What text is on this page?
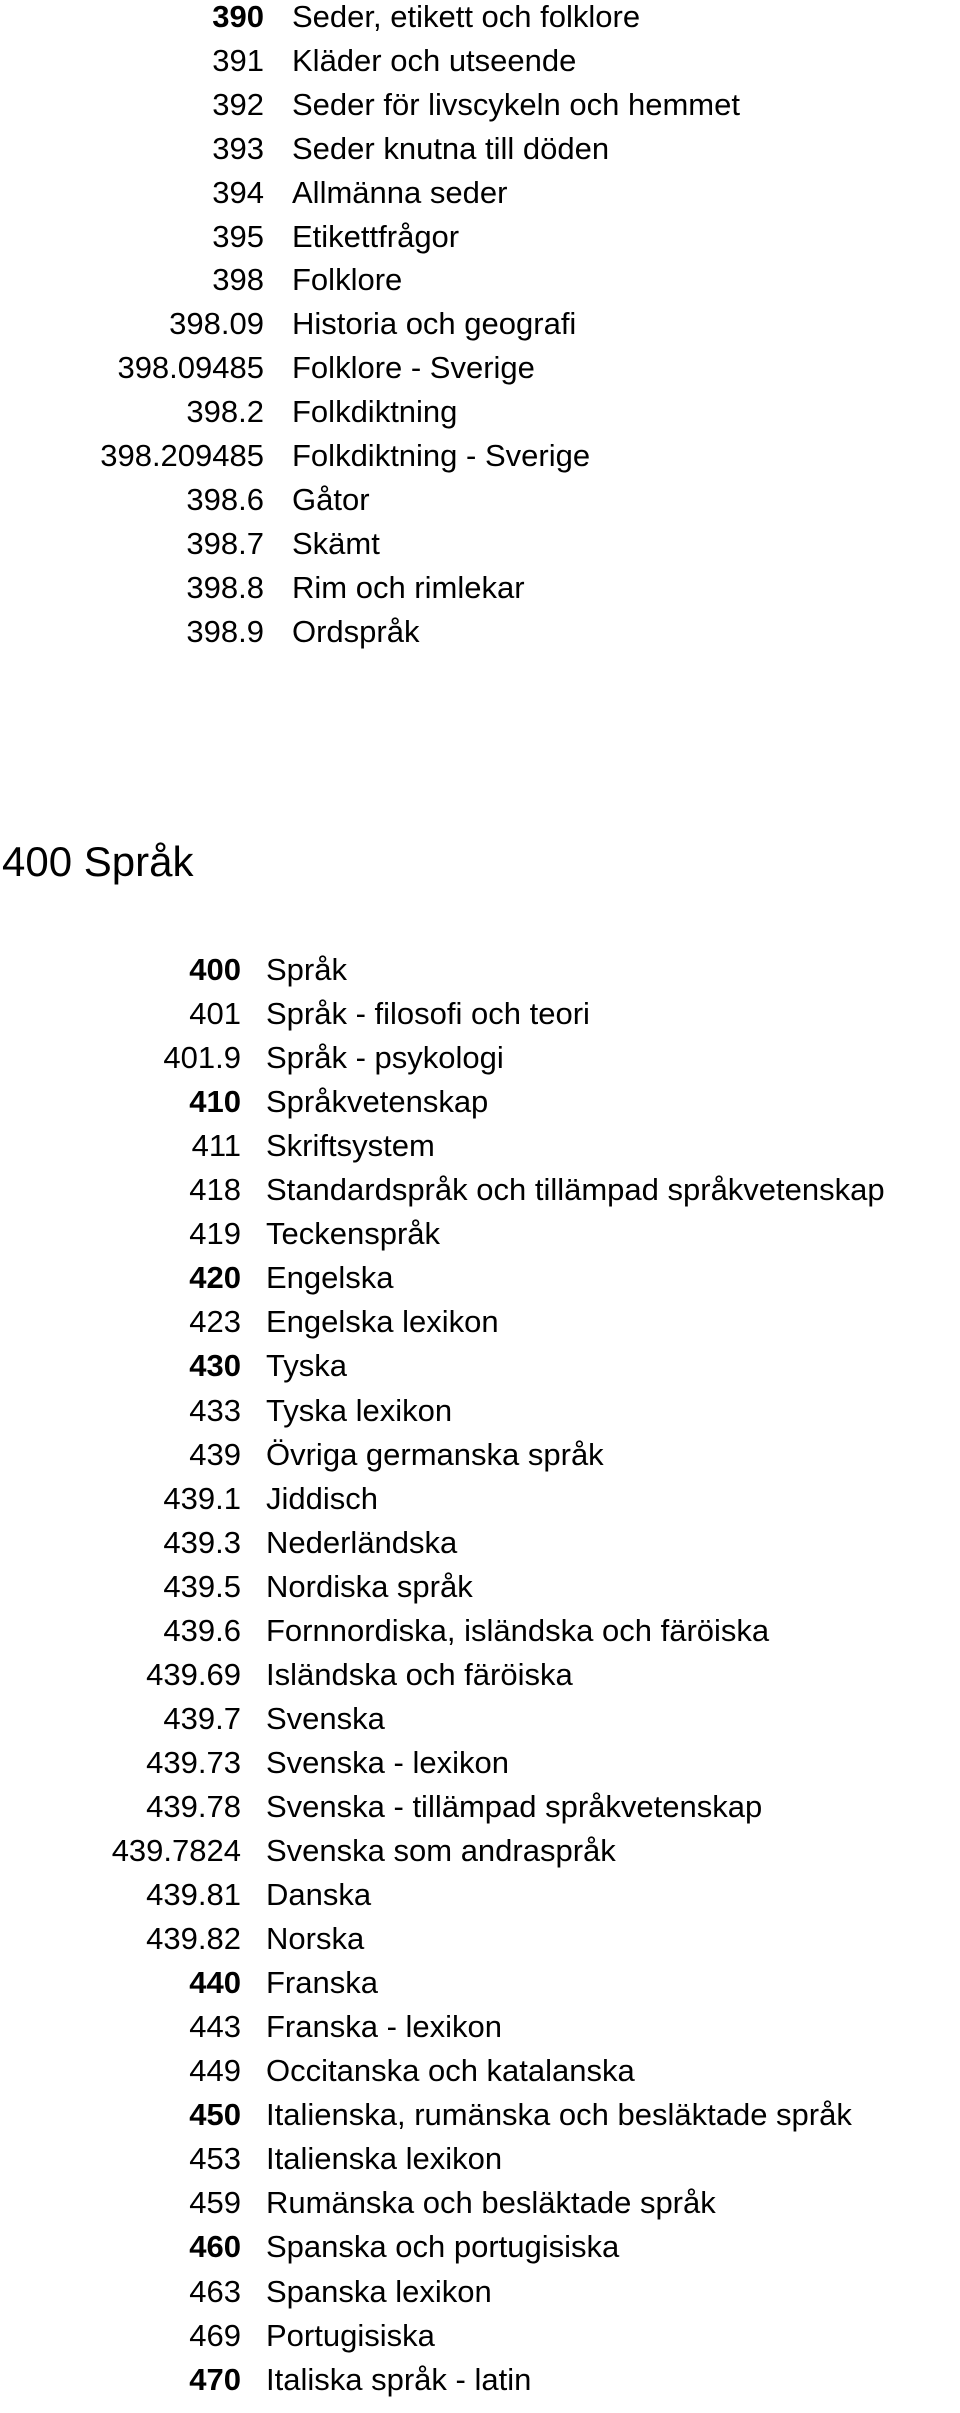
390 Seder, etikett och folklore
391 Kläder och utseende
392 Seder för livscykeln och hemmet
393 Seder knutna till döden
394 Allmänna seder
395 Etikettfrågor
398 Folklore
398.09 Historia och geografi
398.09485 Folklore - Sverige
398.2 Folkdiktning
398.209485 Folkdiktning - Sverige
398.6 Gåtor
398.7 Skämt
398.8 Rim och rimlekar
398.9 Ordspråk
400 Språk
400 Språk
401 Språk - filosofi och teori
401.9 Språk - psykologi
410 Språkvetenskap
411 Skriftsystem
418 Standardspråk och tillämpad språkvetenskap
419 Teckenspråk
420 Engelska
423 Engelska lexikon
430 Tyska
433 Tyska lexikon
439 Övriga germanska språk
439.1 Jiddisch
439.3 Nederländska
439.5 Nordiska språk
439.6 Fornnordiska, isländska och färöiska
439.69 Isländska och färöiska
439.7 Svenska
439.73 Svenska - lexikon
439.78 Svenska - tillämpad språkvetenskap
439.7824 Svenska som andraspråk
439.81 Danska
439.82 Norska
440 Franska
443 Franska - lexikon
449 Occitanska och katalanska
450 Italienska, rumänska och besläktade språk
453 Italienska lexikon
459 Rumänska och besläktade språk
460 Spanska och portugisiska
463 Spanska lexikon
469 Portugisiska
470 Italiska språk - latin
